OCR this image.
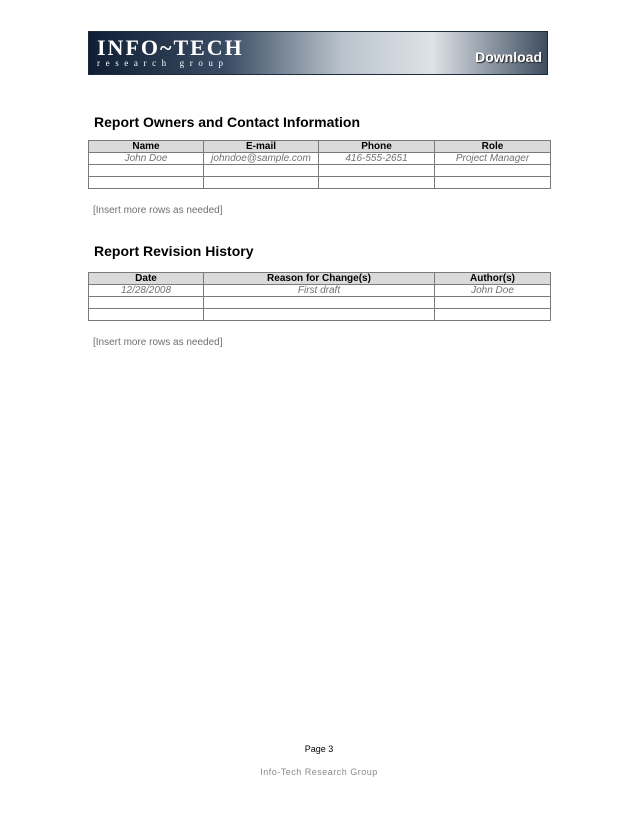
INFO~TECH
research group	Download
Report Owners and Contact Information
Name	E-mail	Phone	Role
John Doe	johndoe@sample.com	416-555-2651	Project Manager

[Insert more rows as needed]
Report Revision History
Date	Reason for Change(s)	Author(s)
12/28/2008	First draft	John Doe

[Insert more rows as needed]
Page 3
Info-Tech Research Group
